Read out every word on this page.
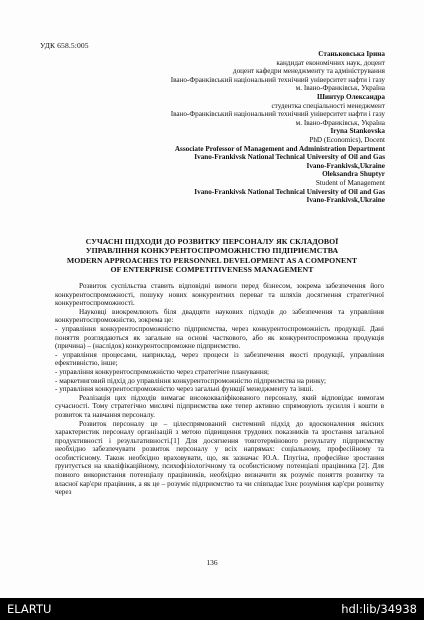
УДК 658.5:005
Станьковська Ірина
кандидат економічних наук, доцент
доцент кафедри менеджменту та адміністрування
Івано-Франківський національний технічний університет нафти і газу
м. Івано-Франківськ, Україна
Шинтур Олександра
студентка спеціальності менеджмент
Івано-Франківський національний технічний університет нафти і газу
м. Івано-Франківськ, Україна
Iryna Stankovska
PhD (Economics), Docent
Associate Professor of Management and Administration Department
Ivano-Frankivsk National Technical University of Oil and Gas
Ivano-Frankivsk,Ukraine
Oleksandra Shuptyr
Student of Management
Ivano-Frankivsk National Technical University of Oil and Gas
Ivano-Frankivsk,Ukraine
СУЧАСНІ ПІДХОДИ ДО РОЗВИТКУ ПЕРСОНАЛУ ЯК СКЛАДОВОЇ
УПРАВЛІННЯ КОНКУРЕНТОСПРОМОЖНІСТЮ ПІДПРИЄМСТВА
MODERN APPROACHES TO PERSONNEL DEVELOPMENT AS A COMPONENT
OF ENTERPRISE COMPETITIVENESS MANAGEMENT

Розвиток суспільства ставить відповідні вимоги перед бізнесом, зокрема забезпечення його конкурентоспроможності, пошуку нових конкурентних переваг та шляхів досягнення стратегічної конкурентоспроможності.

Науковці виокремлюють біля двадцяти наукових підходів до забезпечення та управління конкурентоспроможністю, зокрема це:

- управління конкурентоспроможністю підприємства, через конкурентоспроможність продукції. Дані поняття розглядаються як загальне на основі часткового, або як конкурентоспроможна продукція (причина) – (наслідок) конкурентоспроможне підприємство.

- управління процесами, наприклад, через процеси із забезпечення якості продукції, управління ефективністю, інше;

- управління конкурентоспроможністю через стратегічне планування;

- маркетинговий підхід до управління конкурентоспроможністю підприємства на ринку;

- управління конкурентоспроможністю через загальні функції менеджменту та інші.

Реалізація цих підходів вимагає висококваліфікованого персоналу, який відповідає вимогам сучасності. Тому стратегічно мислячі підприємства вже тепер активно спрямовують зусилля і кошти в розвиток та навчання персоналу.

Розвиток персоналу це – цілеспрямований системний підхід до вдосконалення якісних характеристик персоналу організацій з метою підвищення трудових показників та зростання загальної продуктивності і результативності.[1] Для досягнення товготермінового результату підприємству необхідно забезпечувати розвиток персоналу у всіх напрямах: соціальному, професійному та особистісному. Також необхідно враховувати, що, як зазначає Ю.А. Плугіна, професійне зростання ґрунтується на кваліфікаційному, психофізіологічному та особистісному потенціалі працівника [2]. Для повного використання потенціалу працівників, необхідно визначити як розуміє поняття розвитку та власної кар'єри працівник, а як це – розуміє підприємство та чи співпадає їхнє розуміння кар'єри розвитку через

136
ELARTU	hdl:lib/34938
